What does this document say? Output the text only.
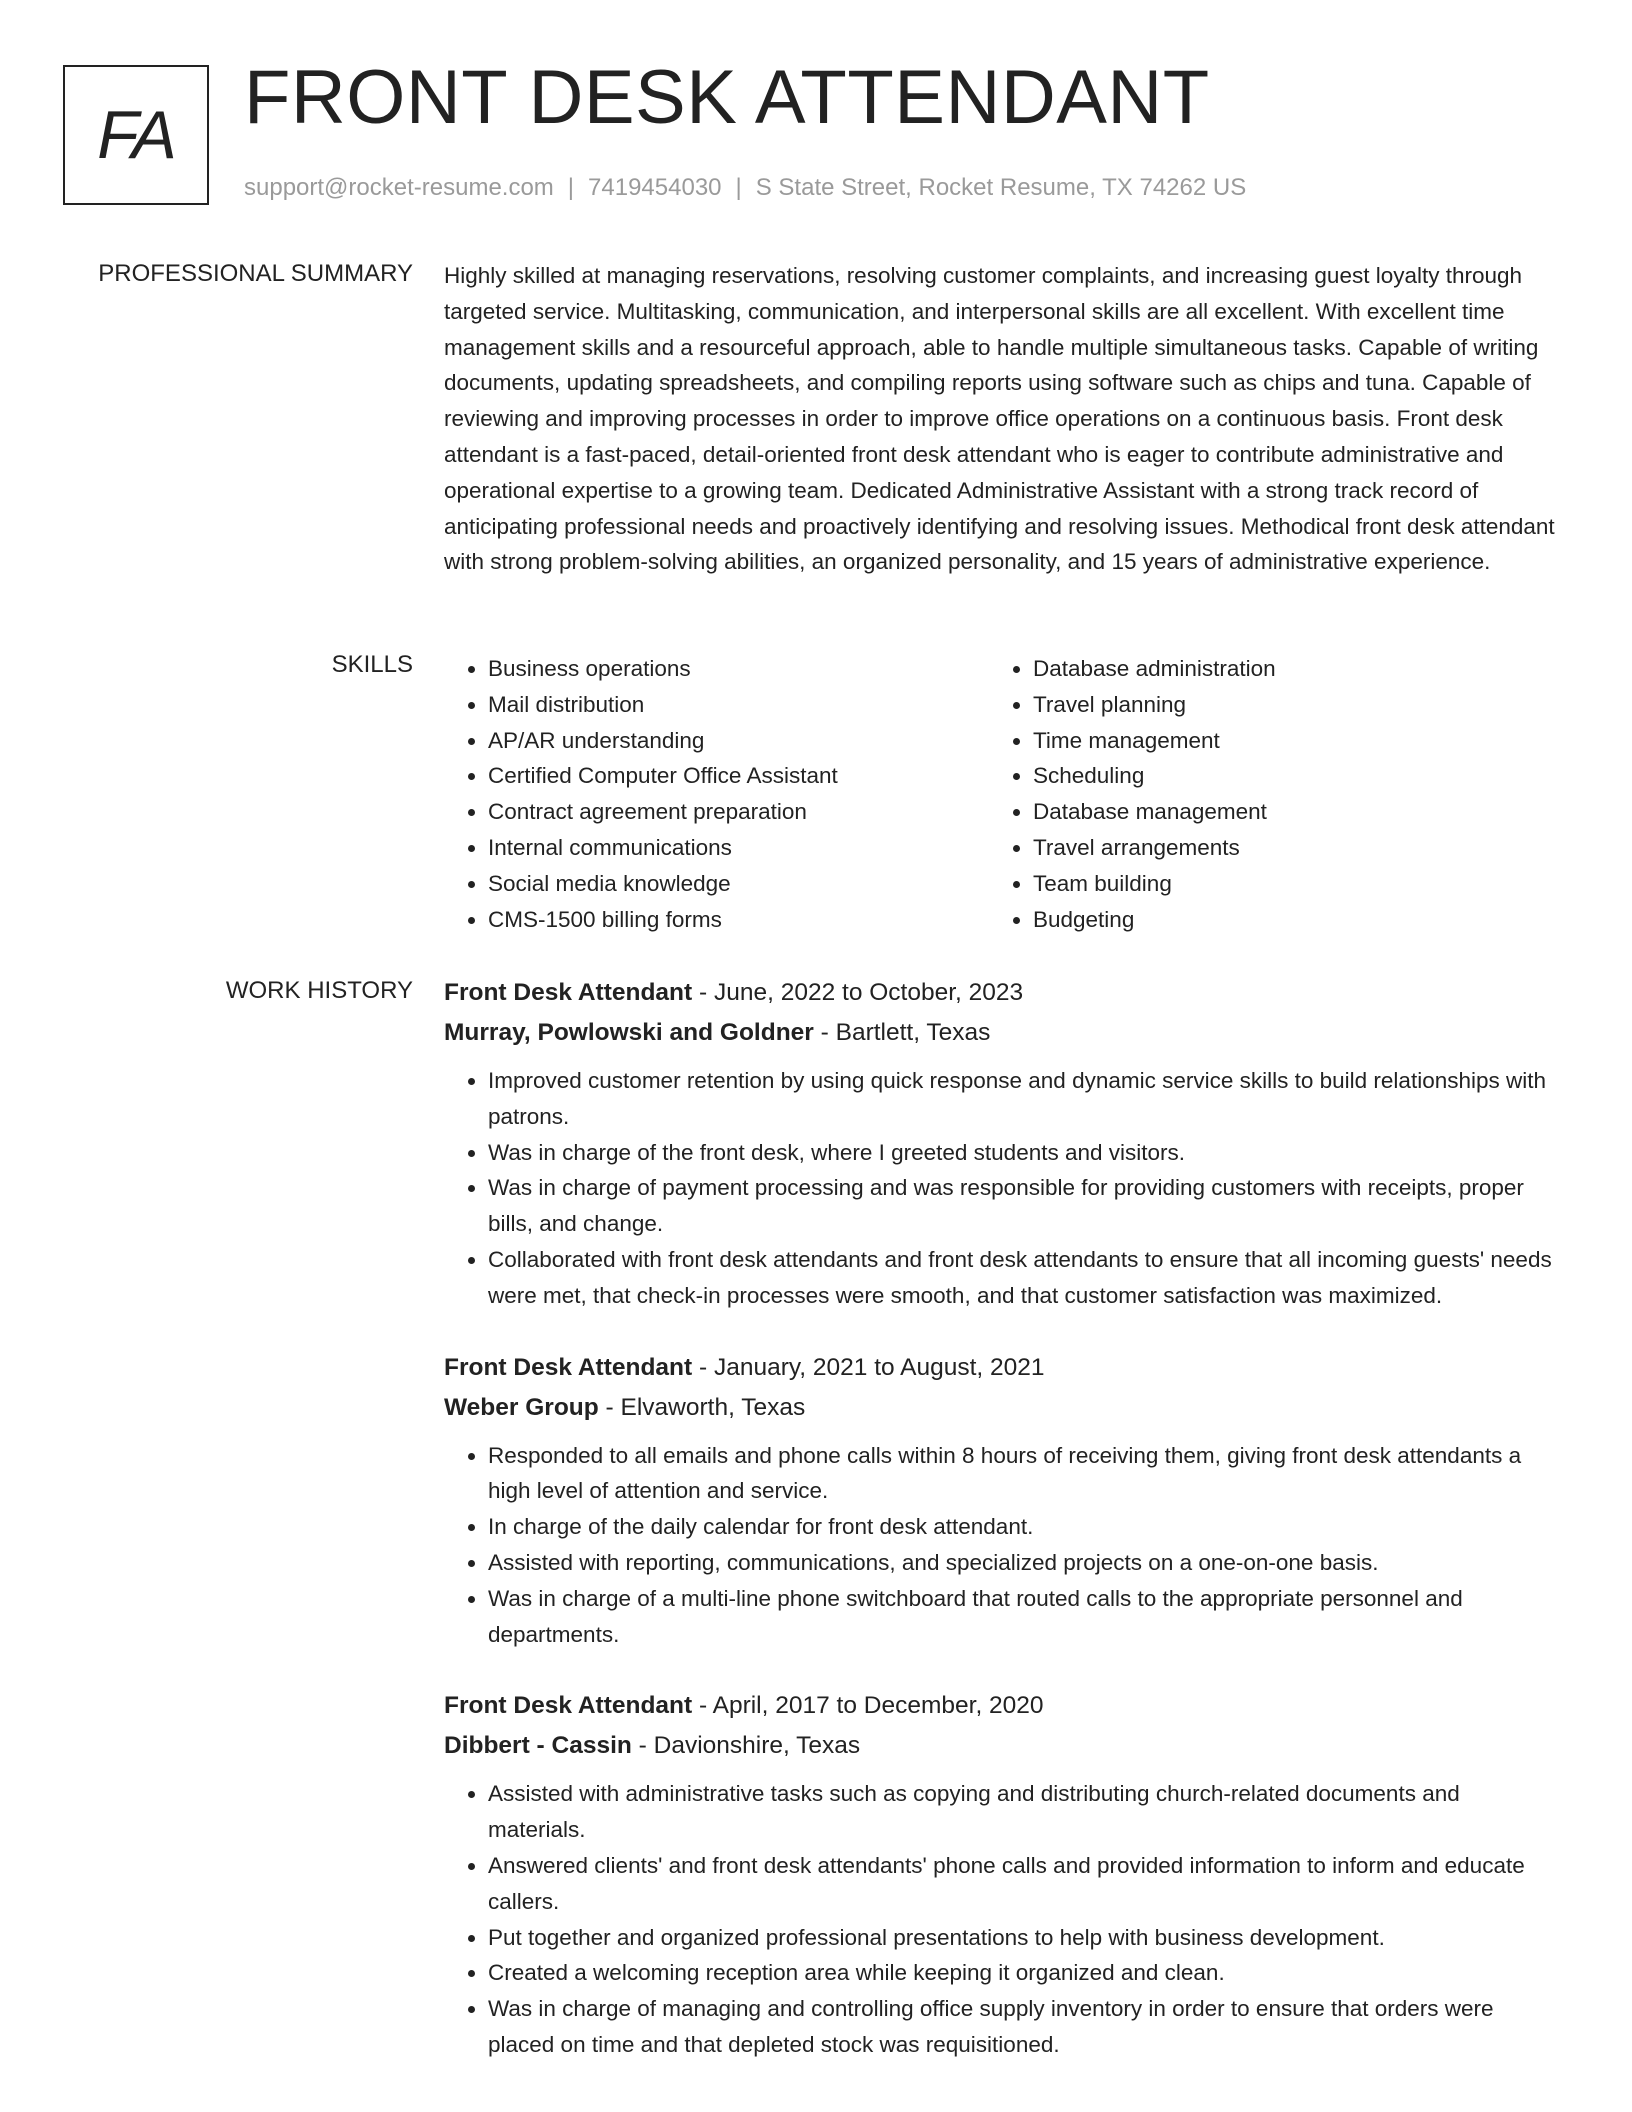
FA FRONT DESK ATTENDANT
support@rocket-resume.com | 7419454030 | S State Street, Rocket Resume, TX 74262 US
PROFESSIONAL SUMMARY Highly skilled at managing reservations, resolving customer complaints, and increasing guest loyalty through targeted service. Multitasking, communication, and interpersonal skills are all excellent. With excellent time management skills and a resourceful approach, able to handle multiple simultaneous tasks. Capable of writing documents, updating spreadsheets, and compiling reports using software such as chips and tuna. Capable of reviewing and improving processes in order to improve office operations on a continuous basis. Front desk attendant is a fast-paced, detail-oriented front desk attendant who is eager to contribute administrative and operational expertise to a growing team. Dedicated Administrative Assistant with a strong track record of anticipating professional needs and proactively identifying and resolving issues. Methodical front desk attendant with strong problem-solving abilities, an organized personality, and 15 years of administrative experience.

SKILLS
•	Business operations
• Mail distribution
• AP/AR understanding
• Certified Computer Office Assistant
• Contract agreement preparation
• Internal communications
• Social media knowledge
• CMS-1500 billing forms
• Database administration
• Travel planning
• Time management
• Scheduling
• Database management
• Travel arrangements
• Team building
• Budgeting
WORK HISTORY Front Desk Attendant - June, 2022 to October, 2023
Murray, Powlowski and Goldner - Bartlett, Texas
• Improved customer retention by using quick response and dynamic service skills to build relationships with patrons.
• Was in charge of the front desk, where I greeted students and visitors.
• Was in charge of payment processing and was responsible for providing customers with receipts, proper bills, and change.
• Collaborated with front desk attendants and front desk attendants to ensure that all incoming guests' needs were met, that check-in processes were smooth, and that customer satisfaction was maximized.
Front Desk Attendant - January, 2021 to August, 2021
Weber Group - Elvaworth, Texas
• Responded to all emails and phone calls within 8 hours of receiving them, giving front desk attendants a high level of attention and service.
• In charge of the daily calendar for front desk attendant.
• Assisted with reporting, communications, and specialized projects on a one-on-one basis.
• Was in charge of a multi-line phone switchboard that routed calls to the appropriate personnel and departments.
Front Desk Attendant - April, 2017 to December, 2020
Dibbert - Cassin - Davionshire, Texas
• Assisted with administrative tasks such as copying and distributing church-related documents and materials.
• Answered clients' and front desk attendants' phone calls and provided information to inform and educate callers.
• Put together and organized professional presentations to help with business development.
• Created a welcoming reception area while keeping it organized and clean.
• Was in charge of managing and controlling office supply inventory in order to ensure that orders were placed on time and that depleted stock was requisitioned.
